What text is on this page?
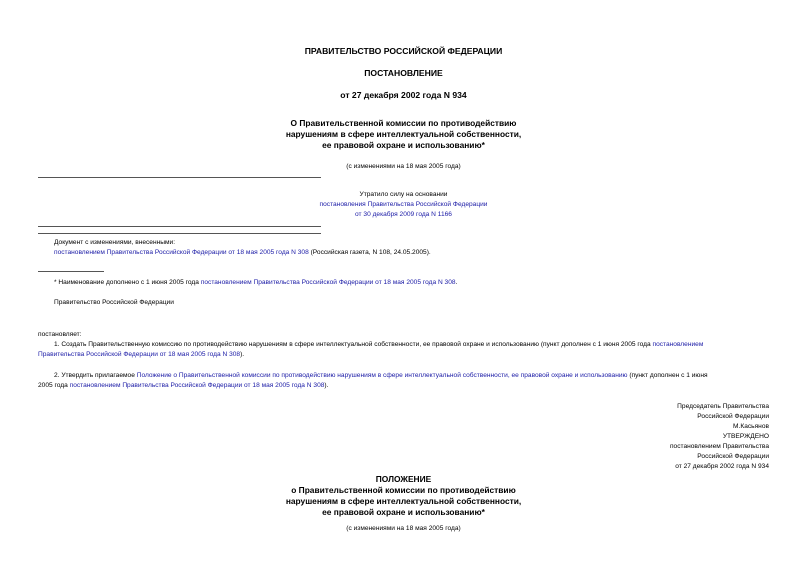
ПРАВИТЕЛЬСТВО РОССИЙСКОЙ ФЕДЕРАЦИИ
ПОСТАНОВЛЕНИЕ
от 27 декабря 2002 года N 934
О Правительственной комиссии по противодействию
нарушениям в сфере интеллектуальной собственности,
ее правовой охране и использованию*
(с изменениями на 18 мая 2005 года)
Утратило силу на основании
постановления Правительства Российской Федерации
от 30 декабря 2009 года N 1166
Документ с изменениями, внесенными:
постановлением Правительства Российской Федерации от 18 мая 2005 года N 308 (Российская газета, N 108, 24.05.2005).
* Наименование дополнено с 1 июня 2005 года постановлением Правительства Российской Федерации от 18 мая 2005 года N 308.
Правительство Российской Федерации
постановляет:
1. Создать Правительственную комиссию по противодействию нарушениям в сфере интеллектуальной собственности, ее правовой охране и использованию (пункт дополнен с 1 июня 2005 года постановлением
Правительства Российской Федерации от 18 мая 2005 года N 308).
2. Утвердить прилагаемое Положение о Правительственной комиссии по противодействию нарушениям в сфере интеллектуальной собственности, ее правовой охране и использованию (пункт дополнен с 1 июня
2005 года постановлением Правительства Российской Федерации от 18 мая 2005 года N 308).
Председатель Правительства
Российской Федерации
М.Касьянов
УТВЕРЖДЕНО
постановлением Правительства
Российской Федерации
от 27 декабря 2002 года N 934
ПОЛОЖЕНИЕ
о Правительственной комиссии по противодействию
нарушениям в сфере интеллектуальной собственности,
ее правовой охране и использованию*
(с изменениями на 18 мая 2005 года)
